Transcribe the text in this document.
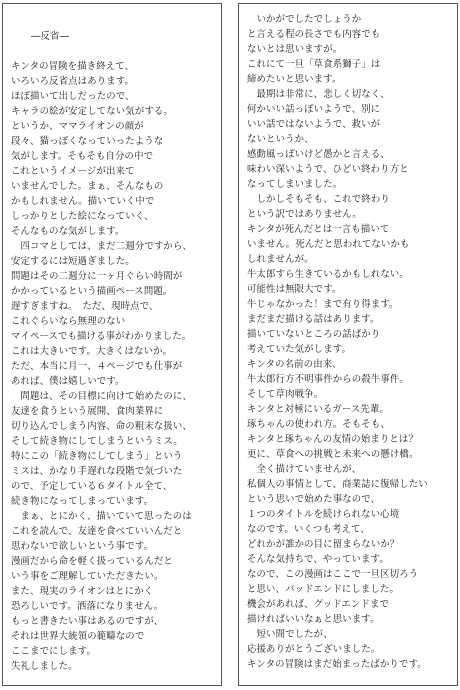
―反省―

キンタの冒険を描き終えて、
いろいろ反省点はあります。
ほぼ描いて出しだったので、
キャラの絵が安定してない気がする。
というか、ママライオンの顔が
段々、猫っぽくなっていったような
気がします。そもそも自分の中で
これというイメージが出来て
いませんでした。まぁ、そんなもの
かもしれません。描いていく中で
しっかりとした絵になっていく、
そんなものな気がします。
　四コマとしては、まだ二週分ですから、
安定するには短過ぎました。
問題はその二週分に一ヶ月ぐらい時間が
かかっているという描画ペース問題。
遅すぎますね。　ただ、現時点で、
これぐらいなら無理のない
マイペースでも描ける事がわかりました。
これは大きいです。大きくはないか。
ただ、本当に月一、４ページでも仕事が
あれば、僕は嬉しいです。
　問題は、その目標に向けて始めたのに、
友達を食うという展開、食肉業界に
切り込んでしまう内容、命の粗末な扱い、
そして続き物にしてしまうというミス。
特にこの「続き物にしてしまう」という
ミスは、かなり手遅れな段階で気づいた
ので、予定している６タイトル全て、
続き物になってしまっています。
　まぁ、とにかく、描いていて思ったのは
これを読んで、友達を食べていいんだと
思わないで欲しいという事です。
漫画だから命を軽く扱っているんだと
いう事をご理解していただきたい。
また、現実のライオンはとにかく
恐ろしいです。洒落になりません。
もっと書きたい事はあるのですが、
それは世界大統領の範疇なので
ここまでにします。
失礼しました。
　いかがでしたでしょうか
と言える程の長さでも内容でも
ないとは思いますが。
これにて一旦「草食系獅子」は
締めたいと思います。
　最期は非常に、悲しく切なく、
何かいい話っぽいようで、別に
いい話ではないようで、救いが
ないというか、
感動風っぽいけど愚かと言える、
味わい深いようで、ひどい終わり方と
なってしまいました。
　しかしそもそも、これで終わり
という訳ではありません。
キンタが死んだとは一言も描いて
いません。死んだと思われてないかも
しれませんが。
牛太郎すら生きているかもしれない。
可能性は無限大です。
牛じゃなかった！まで有り得ます。
まだまだ描ける話はあります。
描いていないところの話ばかり
考えていた気がします。
キンタの名前の由来、
牛太郎行方不明事件からの殺牛事件。
そして草肉戦争。
キンタと対極にいるガース先輩。
琢ちゃんの使われ方。そもそも、
キンタと琢ちゃんの友情の始まりとは？
更に、草食への挑戦と未来への懸け橋。
　全く描けていませんが、
私個人の事情として、商業誌に復帰したい
という思いで始めた事なので、
１つのタイトルを続けられない心境
なのです。いくつも考えて、
どれかが誰かの目に留まらないか？
そんな気持ちで、やっています。
なので、この漫画はここで一旦区切ろう
と思い、バッドエンドにしました。
機会があれば、グッドエンドまで
描ければいいなぁと思います。
　短い間でしたが、
応援ありがとうございました。
キンタの冒険はまだ始まったばかりです。
